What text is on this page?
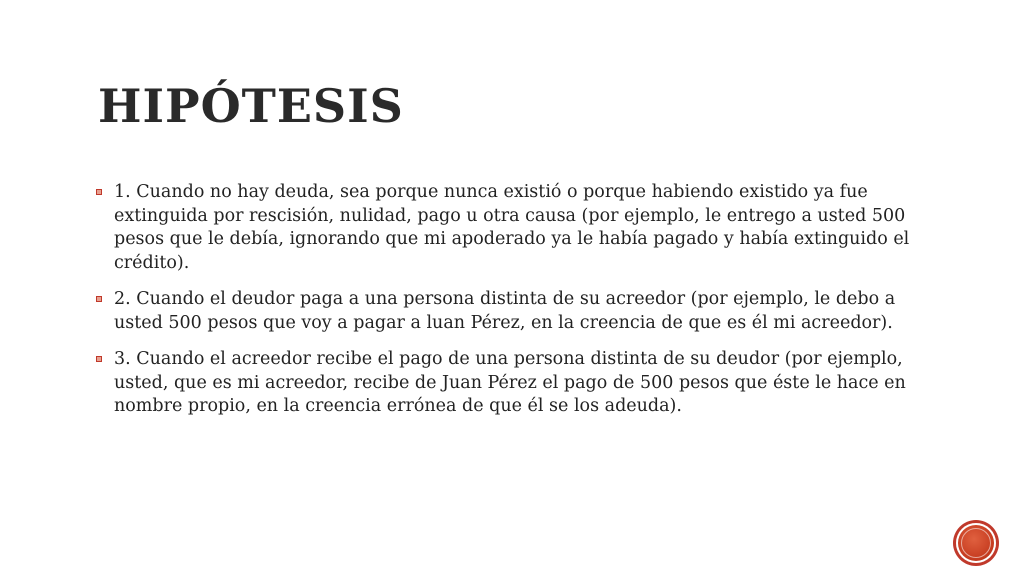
HIPÓTESIS
1. Cuando no hay deuda, sea porque nunca existió o porque habiendo existido ya fue extinguida por rescisión, nulidad, pago u otra causa (por ejemplo, le entrego a usted 500 pesos que le debía, ignorando que mi apoderado ya le había pagado y había extinguido el crédito).
2. Cuando el deudor paga a una persona distinta de su acreedor (por ejemplo, le debo a usted 500 pesos que voy a pagar a luan Pérez, en la creencia de que es él mi acreedor).
3. Cuando el acreedor recibe el pago de una persona distinta de su deudor (por ejemplo, usted, que es mi acreedor, recibe de Juan Pérez el pago de 500 pesos que éste le hace en nombre propio, en la creencia errónea de que él se los adeuda).
